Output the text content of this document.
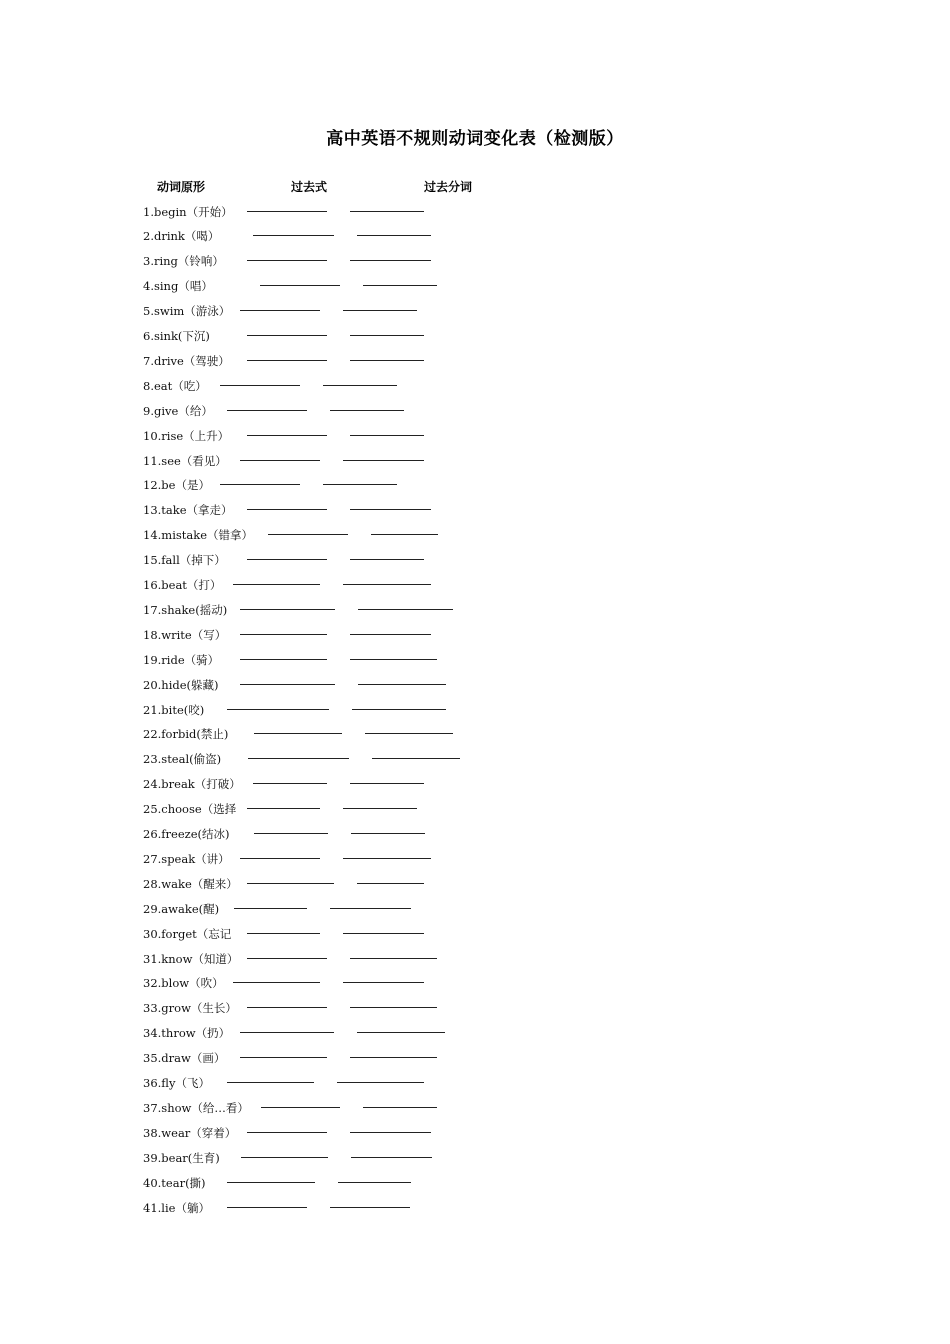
高中英语不规则动词变化表（检测版）
动词原形	过去式	过去分词
1.begin（开始）
2.drink（喝）
3.ring（铃响）
4.sing（唱）
5.swim（游泳）
6.sink(下沉)
7.drive（驾驶）
8.eat（吃）
9.give（给）
10.rise（上升）
11.see（看见）
12.be（是）
13.take（拿走）
14.mistake（错拿）
15.fall（掉下）
16.beat（打）
17.shake(摇动)
18.write（写）
19.ride（骑）
20.hide(躲藏)
21.bite(咬)
22.forbid(禁止)
23.steal(偷盗)
24.break（打破）
25.choose（选择
26.freeze(结冰)
27.speak（讲）
28.wake（醒来）
29.awake(醒)
30.forget（忘记
31.know（知道）
32.blow（吹）
33.grow（生长）
34.throw（扔）
35.draw（画）
36.fly（飞）
37.show（给…看）
38.wear（穿着）
39.bear(生育)
40.tear(撕)
41.lie（躺）
